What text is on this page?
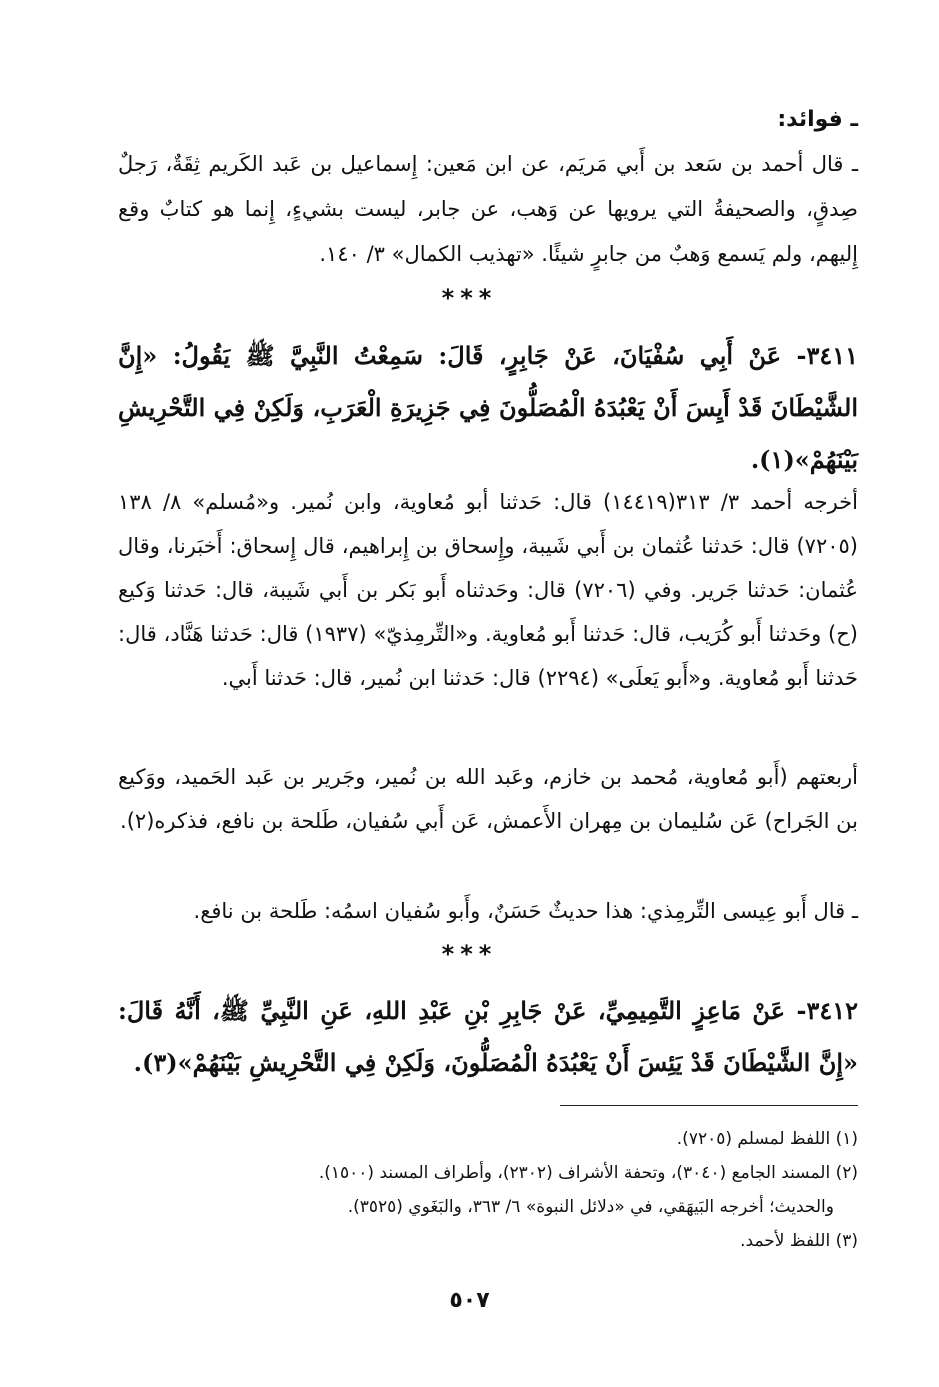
ـ فوائد:

ـ قال أحمد بن سَعد بن أَبي مَريَم، عن ابن مَعين: إِسماعيل بن عَبد الكَريم ثِقَةٌ، رَجلٌ صِدقٍ، والصحيفةُ التي يرويها عن وَهب، عن جابر، ليست بشيءٍ، إِنما هو كتابٌ وقع إِليهم، ولم يَسمع وَهبٌ من جابرٍ شيئًا. «تهذيب الكمال» ٣/ ١٤٠.

***

٣٤١١- عَنْ أَبِي سُفْيَانَ، عَنْ جَابِرٍ، قَالَ: سَمِعْتُ النَّبِيَّ ﷺ يَقُولُ: «إِنَّ الشَّيْطَانَ قَدْ أَيِسَ أَنْ يَعْبُدَهُ الْمُصَلُّونَ فِي جَزِيرَةِ الْعَرَبِ، وَلَكِنْ فِي التَّحْرِيشِ بَيْنَهُمْ»(١).

أخرجه أحمد ٣/ ٣١٣(١٤٤١٩) قال: حَدثنا أبو مُعاوية، وابن نُمير. و«مُسلم» ٨/ ١٣٨ (٧٢٠٥) قال: حَدثنا عُثمان بن أَبي شَيبة، وإِسحاق بن إِبراهيم، قال إِسحاق: أَخبَرنا، وقال عُثمان: حَدثنا جَرير. وفي (٧٢٠٦) قال: وحَدثناه أَبو بَكر بن أَبي شَيبة، قال: حَدثنا وَكيع (ح) وحَدثنا أَبو كُرَيب، قال: حَدثنا أَبو مُعاوية. و«التِّرمِذيّ» (١٩٣٧) قال: حَدثنا هَنَّاد، قال: حَدثنا أَبو مُعاوية. و«أَبو يَعلَى» (٢٢٩٤) قال: حَدثنا ابن نُمير، قال: حَدثنا أَبي.

أربعتهم (أَبو مُعاوية، مُحمد بن خازم، وعَبد الله بن نُمير، وجَرير بن عَبد الحَميد، ووَكيع بن الجَراح) عَن سُليمان بن مِهران الأَعمش، عَن أَبي سُفيان، طَلحة بن نافع، فذكره(٢).

ـ قال أَبو عِيسى التِّرمِذي: هذا حديثٌ حَسَنٌ، وأَبو سُفيان اسمُه: طَلحة بن نافع.

***

٣٤١٢- عَنْ مَاعِزٍ التَّمِيمِيِّ، عَنْ جَابِرِ بْنِ عَبْدِ اللهِ، عَنِ النَّبِيِّ ﷺ، أَنَّهُ قَالَ: «إِنَّ الشَّيْطَانَ قَدْ يَئِسَ أَنْ يَعْبُدَهُ الْمُصَلُّونَ، وَلَكِنْ فِي التَّحْرِيشِ بَيْنَهُمْ»(٣).

(١) اللفظ لمسلم (٧٢٠٥).
(٢) المسند الجامع (٣٠٤٠)، وتحفة الأشراف (٢٣٠٢)، وأطراف المسند (١٥٠٠).
والحديث؛ أخرجه البَيهَقي، في «دلائل النبوة» ٦/ ٣٦٣، والبَغَوي (٣٥٢٥).
(٣) اللفظ لأحمد.
٥٠٧
